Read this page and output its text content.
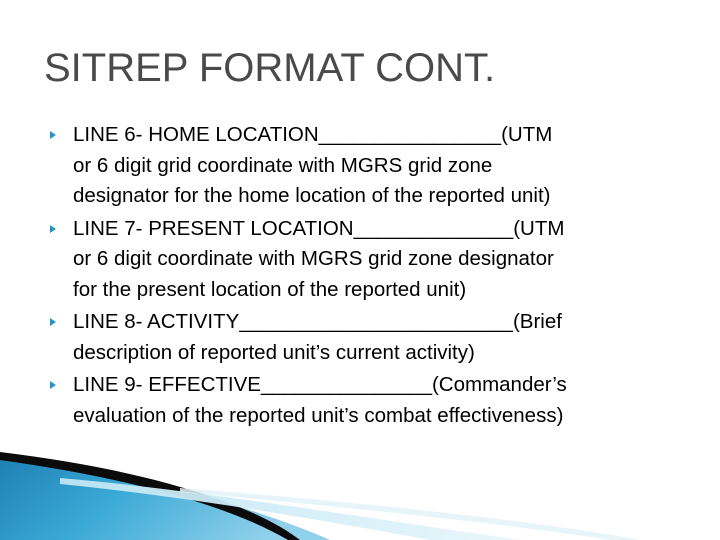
SITREP FORMAT CONT.
LINE 6- HOME LOCATION________________(UTM
or 6 digit grid coordinate with MGRS grid zone
designator for the home location of the reported unit)
LINE 7- PRESENT LOCATION______________(UTM
or 6 digit coordinate with MGRS grid zone designator
for the present location of the reported unit)
LINE 8- ACTIVITY________________________(Brief
description of reported unit’s current activity)
LINE 9- EFFECTIVE_______________(Commander’s
evaluation of the reported unit’s combat effectiveness)
